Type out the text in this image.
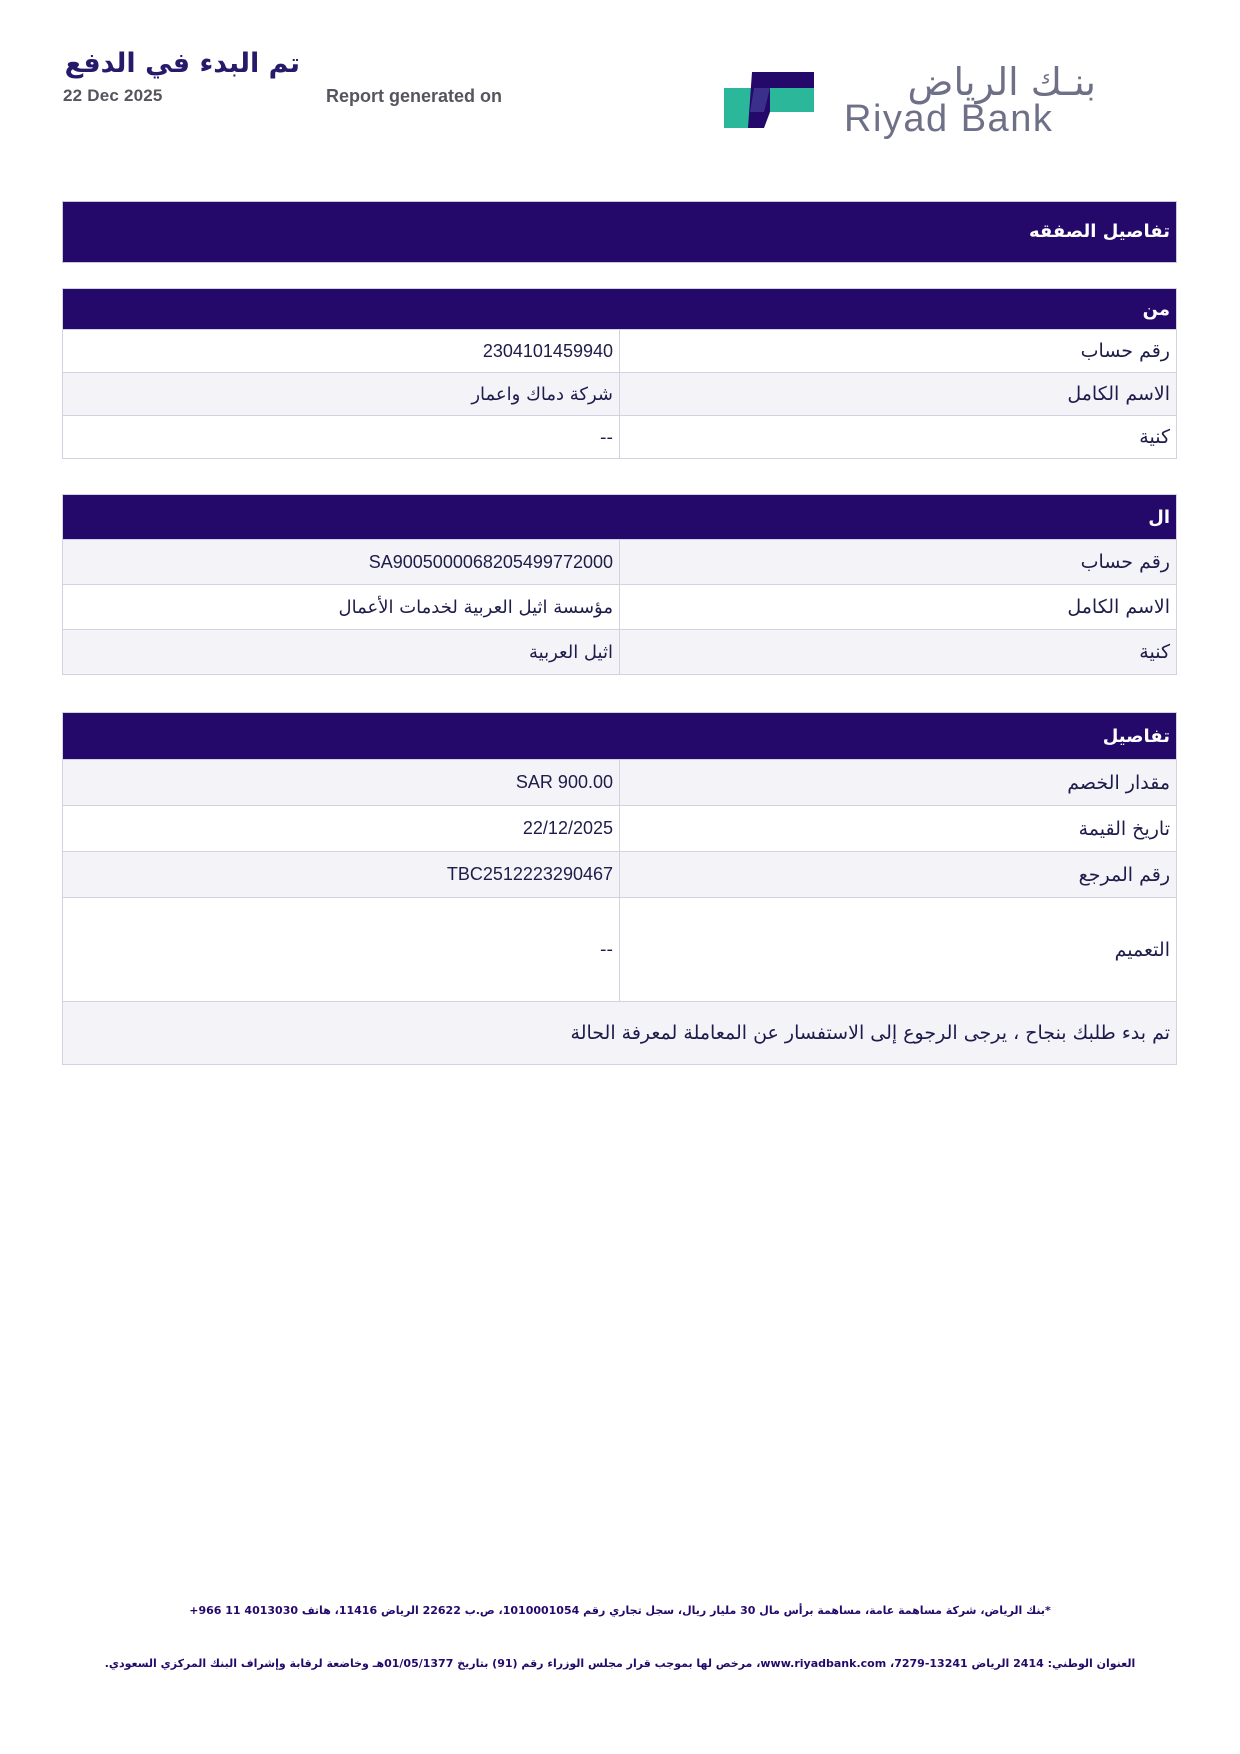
تم البدء في الدفع
22 Dec 2025	Report generated on	بنـك الرياض
Riyad Bank
تفاصيل الصفقه
من
رقم حساب
2304101459940
الاسم الكامل
شركة دماك واعمار
كنية
--
ال
رقم حساب
SA9005000068205499772000
الاسم الكامل
مؤسسة اثيل العربية لخدمات الأعمال
كنية
اثيل العربية
تفاصيل
مقدار الخصم
SAR 900.00
تاريخ القيمة
22/12/2025
رقم المرجع
TBC2512223290467
التعميم
--
تم بدء طلبك بنجاح ، يرجى الرجوع إلى الاستفسار عن المعاملة لمعرفة الحالة
*بنك الرياض، شركة مساهمة عامة، مساهمة برأس مال 30 مليار ريال، سجل تجاري رقم 1010001054، ص.ب 22622 الرياض 11416، هاتف 4013030 11 966+
العنوان الوطني: 2414 الرياض 13241-7279، www.riyadbank.com، مرخص لها بموجب قرار مجلس الوزراء رقم (91) بتاريخ 01/05/1377هـ وخاضعة لرقابة وإشراف البنك المركزي السعودي.
